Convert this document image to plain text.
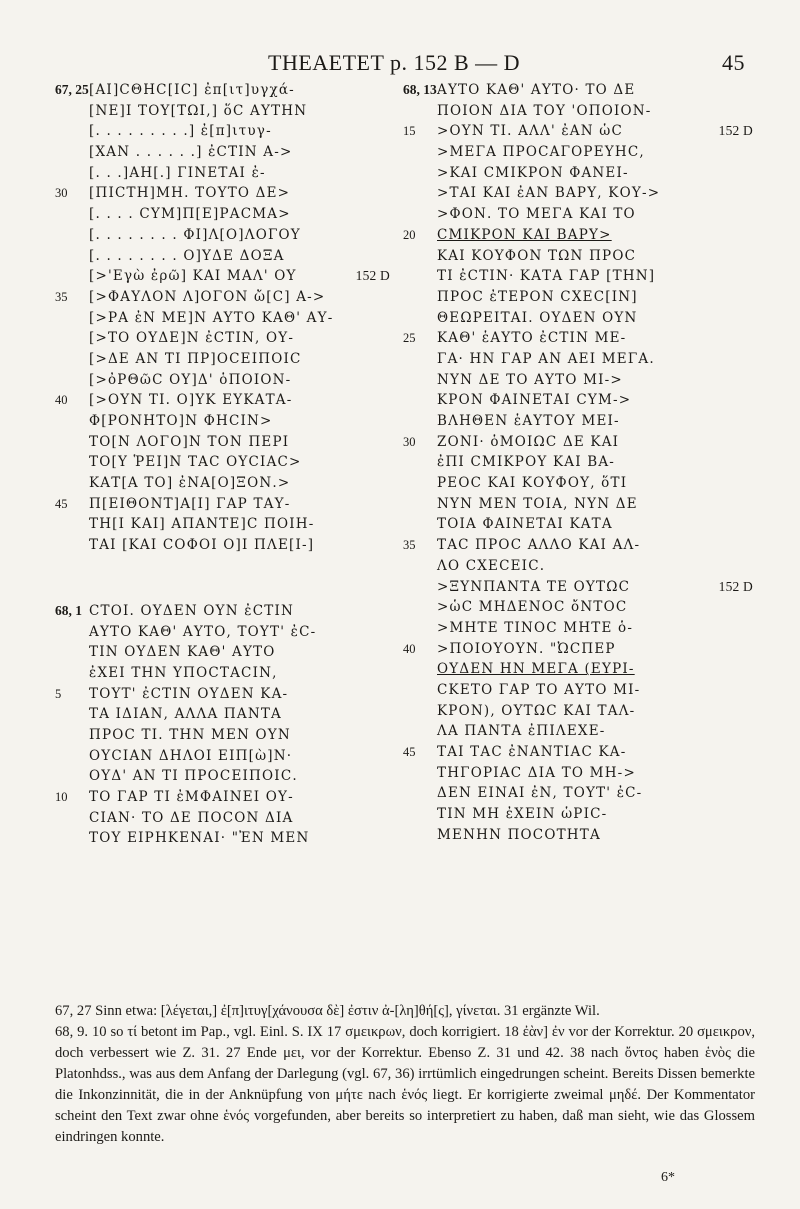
THEAETET p. 152 B — D	45
67, 25 [ΑΙ]ϹΘΗϹ[ΙϹ] ἐπ[ιτ]υγχά-
[ΝΕ]Ι ΤΟΥ[ΤΩΙ,] ὅϹ ΑΥΤΗΝ
[. . . . . . . . .] ἐ[π]ιτυγ-
[ΧΑΝ . . . . . .] ἐϹΤΙΝ Α->
[. . .]ΑΗ[.] ΓΙΝΕΤΑΙ ἐ-
30	[ΠΙϹΤΗ]ΜΗ. ΤΟΥΤΟ ΔΕ>
[. . . . ϹΥΜ]Π[Ε]ΡΑϹΜΑ>
[. . . . . . . . ΦΙ]Λ[Ο]ΛΟΓΟΥ
[. . . . . . . . Ο]ΥΔΕ ΔΟΞΑ
[>'Εγὼ ἐρῶ] ΚΑΙ ΜΑΛ' ΟΥ	152 D
35	[>ΦΑΥΛΟΝ Λ]ΟΓΟΝ ὤ[Ϲ] Α->
[>ΡΑ ἐΝ ΜΕ]Ν ΑΥΤΟ ΚΑΘ' ΑΥ-
[>ΤΟ ΟΥΔΕ]Ν ἐϹΤΙΝ, ΟΥ-
[>ΔΕ ΑΝ ΤΙ ΠΡ]ΟϹΕΙΠΟΙϹ
[>ὀΡΘῶϹ ΟΥ]Δ' ὁΠΟΙΟΝ-
40	[>ΟΥΝ ΤΙ. Ο]ΥΚ ΕΥΚΑΤΑ-
Φ[ΡΟΝΗΤΟ]Ν ΦΗϹΙΝ>
ΤΟ[Ν ΛΟΓΟ]Ν ΤΟΝ ΠΕΡΙ
ΤΟ[Υ ῬΕΙ]Ν ΤΑϹ ΟΥϹΙΑϹ>
ΚΑΤ[Α ΤΟ] ἐΝΑ[Ο]ΞΟΝ.>
45	Π[ΕΙΘΟΝΤ]Α[Ι] ΓΑΡ ΤΑΥ-
ΤΗ[Ι ΚΑΙ] ΑΠΑΝΤΕ]Ϲ ΠΟΙΗ-
ΤΑΙ [ΚΑΙ ϹΟΦΟΙ Ο]Ι ΠΛΕ[Ι-]
68, 1 ϹΤΟΙ. ΟΥΔΕΝ ΟΥΝ ἐϹΤΙΝ
ΑΥΤΟ ΚΑΘ' ΑΥΤΟ, ΤΟΥΤ' ἐϹ-
ΤΙΝ ΟΥΔΕΝ ΚΑΘ' ΑΥΤΟ
ἐΧΕΙ ΤΗΝ ΥΠΟϹΤΑϹΙΝ,
5	ΤΟΥΤ' ἐϹΤΙΝ ΟΥΔΕΝ ΚΑ-
ΤΑ ΙΔΙΑΝ, ΑΛΛΑ ΠΑΝΤΑ
ΠΡΟϹ ΤΙ. ΤΗΝ ΜΕΝ ΟΥΝ
ΟΥϹΙΑΝ ΔΗΛΟΙ ΕΙΠ[ὼ]Ν·
ΟΥΔ' ΑΝ ΤΙ ΠΡΟϹΕΙΠΟΙϹ.
10	ΤΟ ΓΑΡ ΤΙ ἐΜΦΑΙΝΕΙ ΟΥ-
ϹΙΑΝ· ΤΟ ΔΕ ΠΟϹΟΝ ΔΙΑ
ΤΟΥ ΕΙΡΗΚΕΝΑΙ· "ἘΝ ΜΕΝ
68, 13 ΑΥΤΟ ΚΑΘ' ΑΥΤΟ· ΤΟ ΔΕ
ΠΟΙΟΝ ΔΙΑ ΤΟΥ 'ΟΠΟΙΟΝ-
15	>ΟΥΝ ΤΙ. ΑΛΛ' ἐΑΝ ὡϹ	152 D
>ΜΕΓΑ ΠΡΟϹΑΓΟΡΕΥΗϹ,
>ΚΑΙ ϹΜΙΚΡΟΝ ΦΑΝΕΙ-
>ΤΑΙ ΚΑΙ ἐΑΝ ΒΑΡΥ, ΚΟΥ->
>ΦΟΝ. ΤΟ ΜΕΓΑ ΚΑΙ ΤΟ
20	ϹΜΙΚΡΟΝ ΚΑΙ ΒΑΡΥ>
ΚΑΙ ΚΟΥΦΟΝ ΤΩΝ ΠΡΟϹ
ΤΙ ἐϹΤΙΝ· ΚΑΤΑ ΓΑΡ [ΤΗΝ]
ΠΡΟϹ ἐΤΕΡΟΝ ϹΧΕϹ[ΙΝ]
ΘΕΩΡΕΙΤΑΙ. ΟΥΔΕΝ ΟΥΝ
25	ΚΑΘ' ἑΑΥΤΟ ἐϹΤΙΝ ΜΕ-
ΓΑ· ΗΝ ΓΑΡ ΑΝ ΑΕΙ ΜΕΓΑ.
ΝΥΝ ΔΕ ΤΟ ΑΥΤΟ ΜΙ->
ΚΡΟΝ ΦΑΙΝΕΤΑΙ ϹΥΜ->
ΒΛΗΘΕΝ ἑΑΥΤΟΥ ΜΕΙ-
30	ΖΟΝΙ· ὁΜΟΙΩϹ ΔΕ ΚΑΙ
ἐΠΙ ϹΜΙΚΡΟΥ ΚΑΙ ΒΑ-
ΡΕΟϹ ΚΑΙ ΚΟΥΦΟΥ, ὅΤΙ
ΝΥΝ ΜΕΝ ΤΟΙΑ, ΝΥΝ ΔΕ
ΤΟΙΑ ΦΑΙΝΕΤΑΙ ΚΑΤΑ
35	ΤΑϹ ΠΡΟϹ ΑΛΛΟ ΚΑΙ ΑΛ-
ΛΟ ϹΧΕϹΕΙϹ.
>ΞΥΝΠΑΝΤΑ ΤΕ ΟΥΤΩϹ	152 D
>ὡϹ ΜΗΔΕΝΟϹ ὄΝΤΟϹ
>ΜΗΤΕ ΤΙΝΟϹ ΜΗΤΕ ὁ-
40	>ΠΟΙΟΥΟΥΝ. "ὨϹΠΕΡ
ΟΥΔΕΝ ΗΝ ΜΕΓΑ (ΕΥΡΙ-
ϹΚΕΤΟ ΓΑΡ ΤΟ ΑΥΤΟ ΜΙ-
ΚΡΟΝ), ΟΥΤΩϹ ΚΑΙ ΤΑΛ-
ΛΑ ΠΑΝΤΑ ἐΠΙΛΕΧΕ-
45	ΤΑΙ ΤΑϹ ἐΝΑΝΤΙΑϹ ΚΑ-
ΤΗΓΟΡΙΑϹ ΔΙΑ ΤΟ ΜΗ->
ΔΕΝ ΕΙΝΑΙ ἐΝ, ΤΟΥΤ' ἐϹ-
ΤΙΝ ΜΗ ἐΧΕΙΝ ὡΡΙϹ-
ΜΕΝΗΝ ΠΟϹΟΤΗΤΑ

67, 27 Sinn etwa: [λέγεται,] ἐ[π]ιτυγ[χάνουσα δὲ] ἐστιν ἀ-[λη]θή[ς], γίνεται. 31 ergänzte Wil.

68, 9. 10 so τί betont im Pap., vgl. Einl. S. IX 17 σμεικρων, doch korrigiert. 18 ἐὰν] ἐν vor der Korrektur. 20 σμεικρον, doch verbessert wie Z. 31. 27 Ende μει, vor der Korrektur. Ebenso Z. 31 und 42. 38 nach ὄντος haben ἑνὸς die Platonhdss., was aus dem Anfang der Darlegung (vgl. 67, 36) irrtümlich eingedrungen scheint. Bereits Dissen bemerkte die Inkonzinnität, die in der Anknüpfung von μήτε nach ἑνός liegt. Er korrigierte zweimal μηδέ. Der Kommentator scheint den Text zwar ohne ἑνός vorgefunden, aber bereits so interpretiert zu haben, daß man sieht, wie das Glossem eindringen konnte.

6*
